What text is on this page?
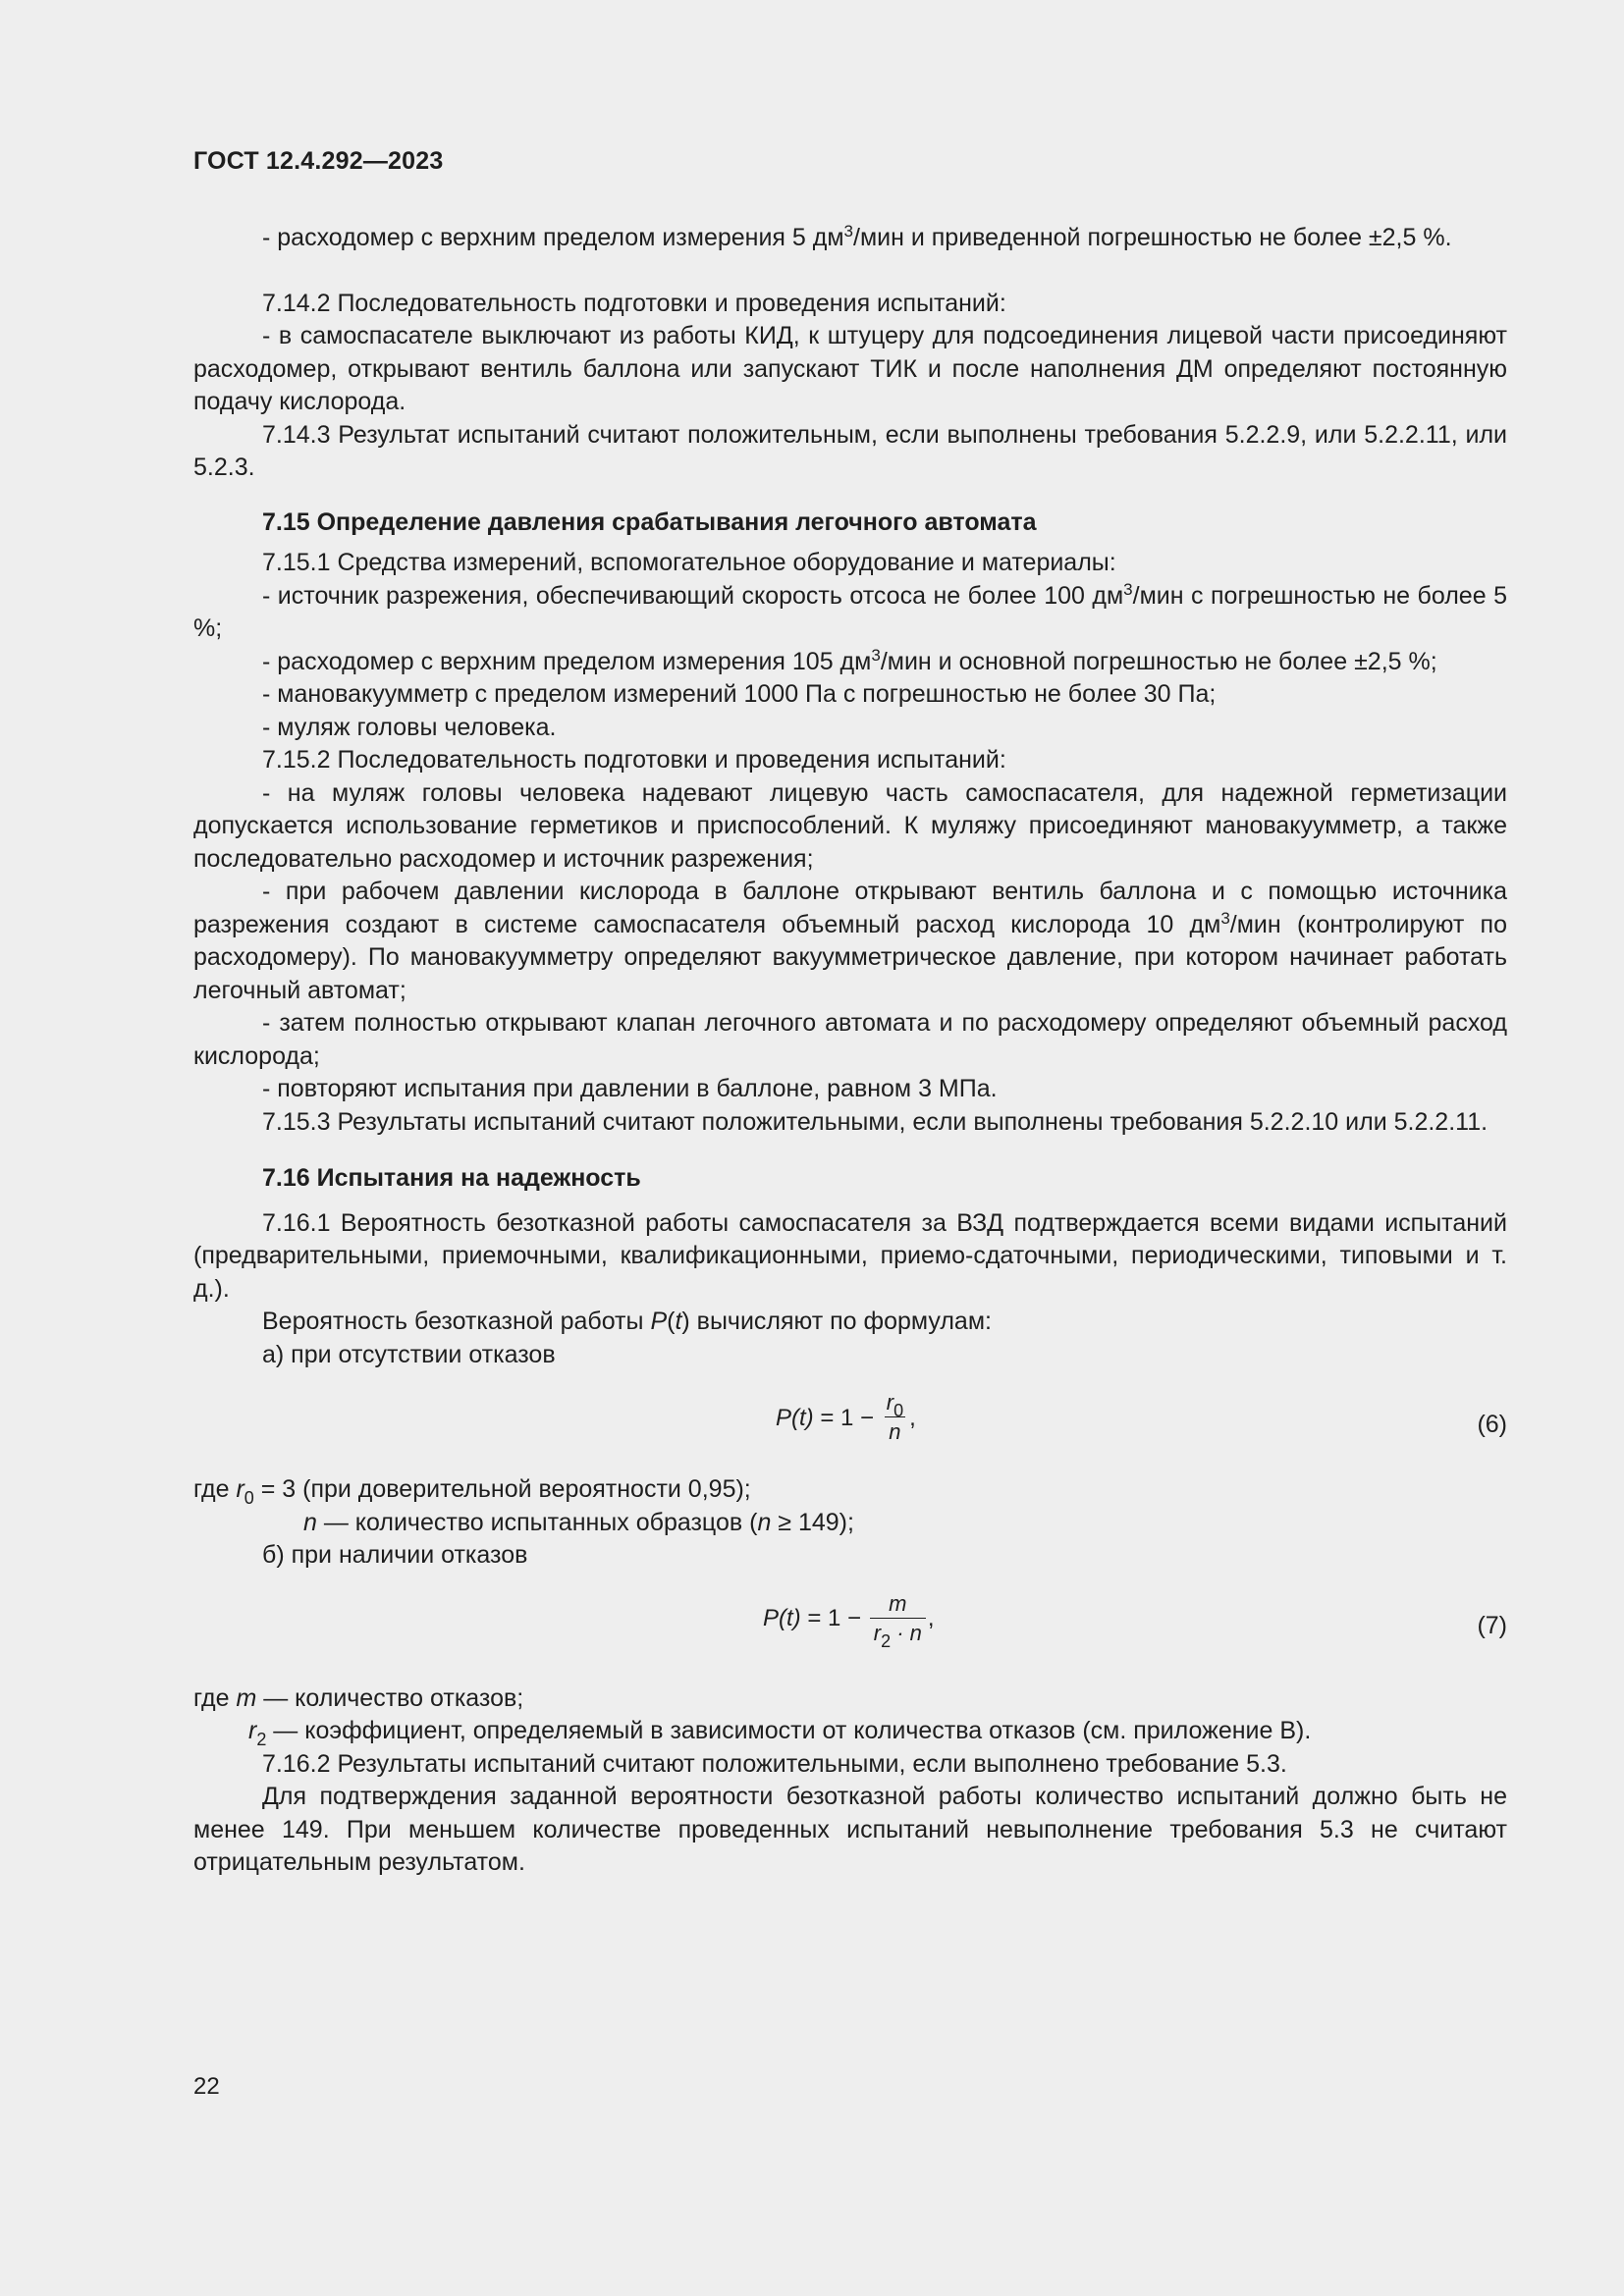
ГОСТ 12.4.292—2023

- расходомер с верхним пределом измерения 5 $дм^3$/мин и приведенной погрешностью не более ±2,5 %.

7.14.2 Последовательность подготовки и проведения испытаний:

- в самоспасателе выключают из работы КИД, к штуцеру для подсоединения лицевой части присоединяют расходомер, открывают вентиль баллона или запускают ТИК и после наполнения ДМ определяют постоянную подачу кислорода.

7.14.3 Результат испытаний считают положительным, если выполнены требования 5.2.2.9, или 5.2.2.11, или 5.2.3.

7.15 Определение давления срабатывания легочного автомата

7.15.1 Средства измерений, вспомогательное оборудование и материалы:

- источник разрежения, обеспечивающий скорость отсоса не более 100 $дм^3$/мин с погрешностью не более 5 %;

- расходомер с верхним пределом измерения 105 $дм^3$/мин и основной погрешностью не более ±2,5 %;

- мановакуумметр с пределом измерений 1000 Па с погрешностью не более 30 Па;

- муляж головы человека.

7.15.2 Последовательность подготовки и проведения испытаний:

- на муляж головы человека надевают лицевую часть самоспасателя, для надежной герметизации допускается использование герметиков и приспособлений. К муляжу присоединяют мановакуумметр, а также последовательно расходомер и источник разрежения;

- при рабочем давлении кислорода в баллоне открывают вентиль баллона и с помощью источника разрежения создают в системе самоспасателя объемный расход кислорода 10 $дм^3$/мин (контролируют по расходомеру). По мановакуумметру определяют вакуумметрическое давление, при котором начинает работать легочный автомат;

- затем полностью открывают клапан легочного автомата и по расходомеру определяют объемный расход кислорода;

- повторяют испытания при давлении в баллоне, равном 3 МПа.

7.15.3 Результаты испытаний считают положительными, если выполнены требования 5.2.2.10 или 5.2.2.11.

7.16 Испытания на надежность

7.16.1 Вероятность безотказной работы самоспасателя за ВЗД подтверждается всеми видами испытаний (предварительными, приемочными, квалификационными, приемо-сдаточными, периодическими, типовыми и т. д.).

Вероятность безотказной работы P(t) вычисляют по формулам:

а) при отсутствии отказов

$P(t) = 1 - \frac{r_0}{n}$ ,	(6)

где $r_0 = 3$ (при доверительной вероятности 0,95);

n — количество испытанных образцов (n ≥ 149);

б) при наличии отказов

$P(t) = 1 - \frac{m}{r_2 \cdot n}$ ,	(7)

где m — количество отказов;

$r_2$ — коэффициент, определяемый в зависимости от количества отказов (см. приложение В).

7.16.2 Результаты испытаний считают положительными, если выполнено требование 5.3.

Для подтверждения заданной вероятности безотказной работы количество испытаний должно быть не менее 149. При меньшем количестве проведенных испытаний невыполнение требования 5.3 не считают отрицательным результатом.

22
